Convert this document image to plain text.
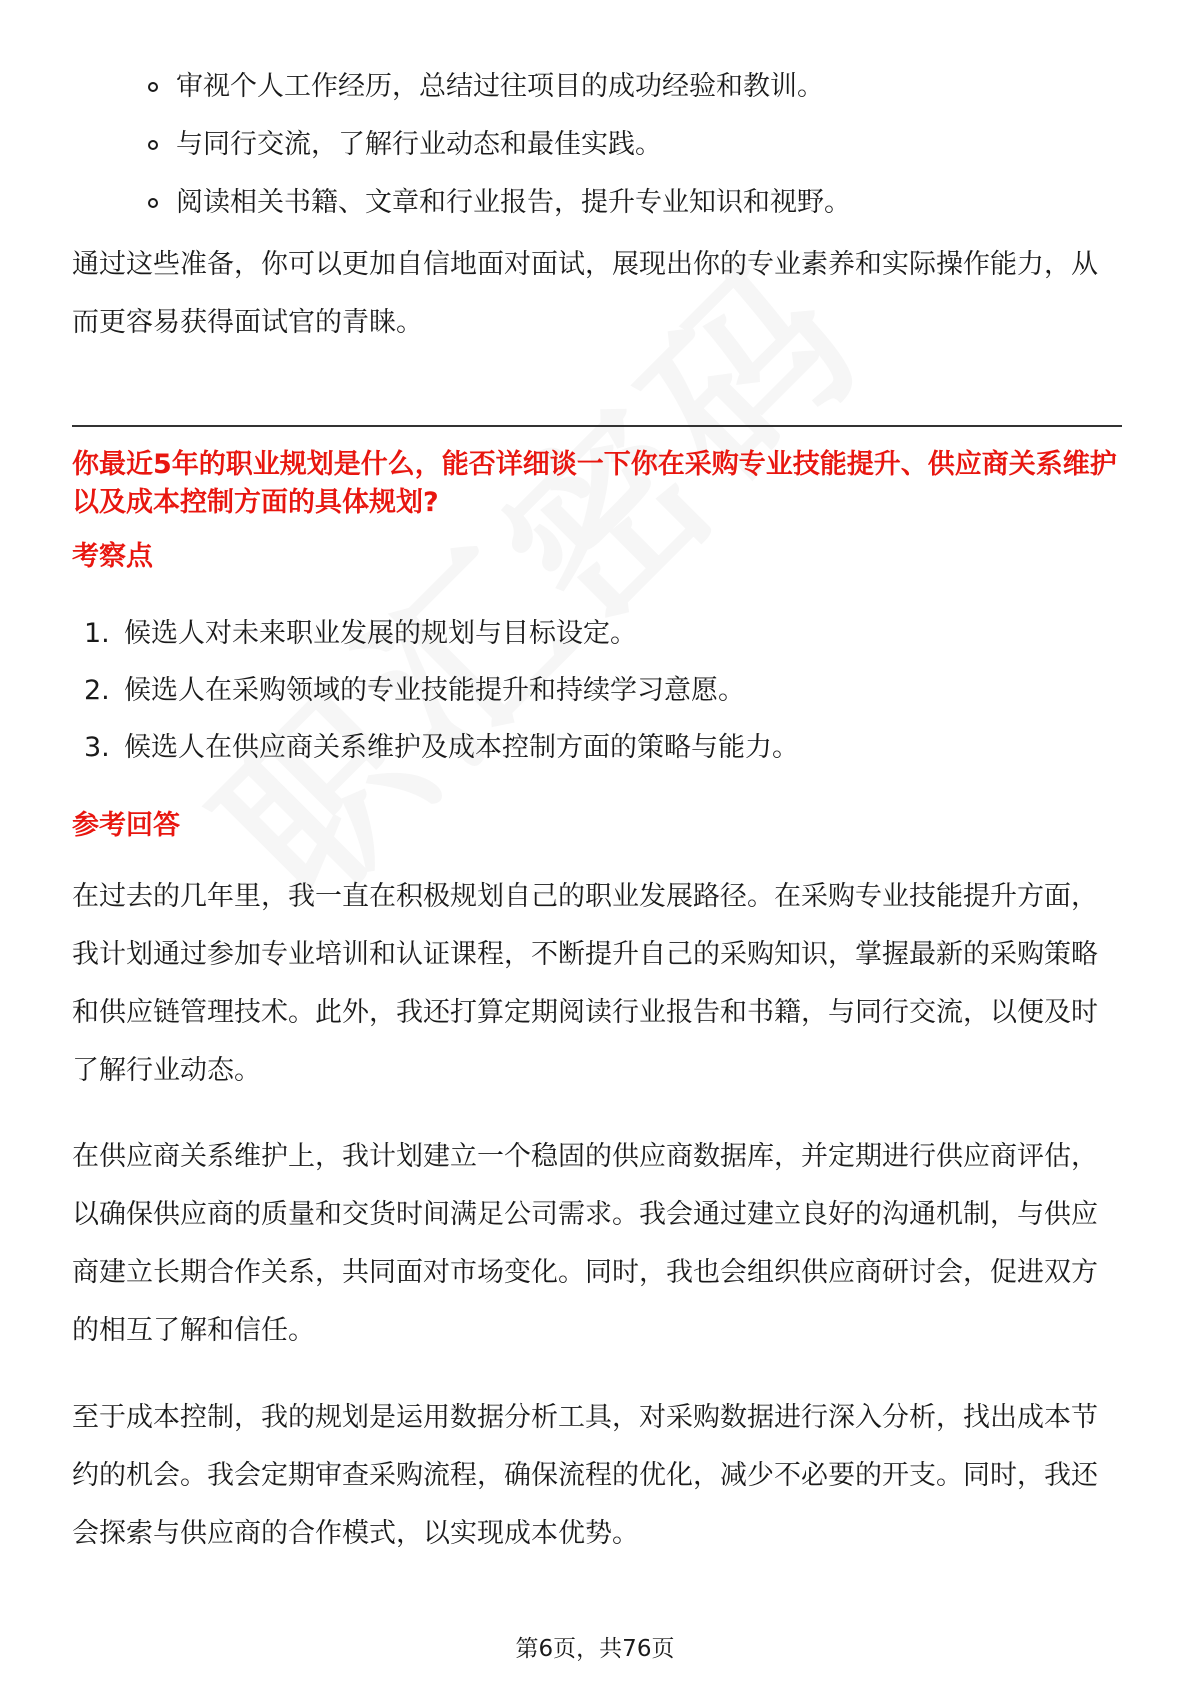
审视个人工作经历，总结过往项目的成功经验和教训。
与同行交流，了解行业动态和最佳实践。
阅读相关书籍、文章和行业报告，提升专业知识和视野。

通过这些准备，你可以更加自信地面对面试，展现出你的专业素养和实际操作能力，从而更容易获得面试官的青睐。

你最近5年的职业规划是什么，能否详细谈一下你在采购专业技能提升、供应商关系维护以及成本控制方面的具体规划?

考察点

1. 候选人对未来职业发展的规划与目标设定。
2. 候选人在采购领域的专业技能提升和持续学习意愿。
3. 候选人在供应商关系维护及成本控制方面的策略与能力。

参考回答

在过去的几年里，我一直在积极规划自己的职业发展路径。在采购专业技能提升方面，我计划通过参加专业培训和认证课程，不断提升自己的采购知识，掌握最新的采购策略和供应链管理技术。此外，我还打算定期阅读行业报告和书籍，与同行交流，以便及时了解行业动态。

在供应商关系维护上，我计划建立一个稳固的供应商数据库，并定期进行供应商评估，以确保供应商的质量和交货时间满足公司需求。我会通过建立良好的沟通机制，与供应商建立长期合作关系，共同面对市场变化。同时，我也会组织供应商研讨会，促进双方的相互了解和信任。

至于成本控制，我的规划是运用数据分析工具，对采购数据进行深入分析，找出成本节约的机会。我会定期审查采购流程，确保流程的优化，减少不必要的开支。同时，我还会探索与供应商的合作模式，以实现成本优势。

第6页，共76页
